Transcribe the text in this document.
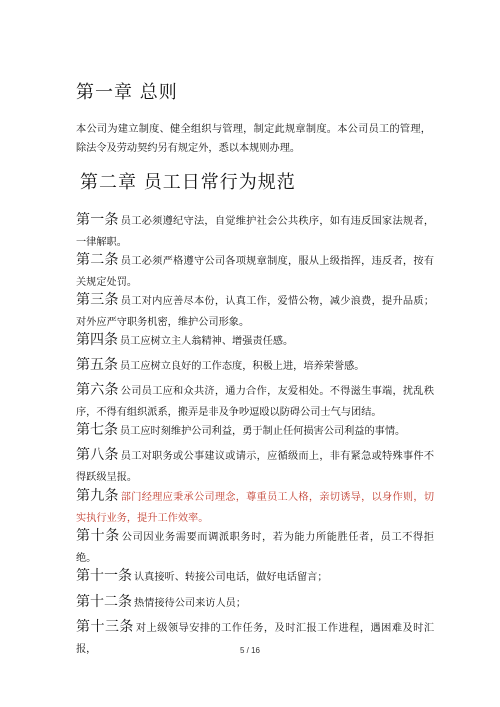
第一章 总则

本公司为建立制度、健全组织与管理，制定此规章制度。本公司员工的管理，除法令及劳动契约另有规定外，悉以本规则办理。

第二章 员工日常行为规范

第一条 员工必须遵纪守法，自觉维护社会公共秩序，如有违反国家法规者，一律解职。

第二条 员工必须严格遵守公司各项规章制度，服从上级指挥，违反者，按有关规定处罚。

第三条 员工对内应善尽本份，认真工作，爱惜公物，减少浪费，提升品质；对外应严守职务机密，维护公司形象。

第四条 员工应树立主人翁精神、增强责任感。

第五条 员工应树立良好的工作态度，积极上进，培养荣誉感。

第六条 公司员工应和众共济，通力合作，友爱相处。不得滋生事端，扰乱秩序，不得有组织派系，搬弄是非及争吵逗殴以防碍公司士气与团结。

第七条 员工应时刻维护公司利益，勇于制止任何损害公司利益的事情。

第八条 员工对职务或公事建议或请示，应循级而上，非有紧急或特殊事件不得跃级呈报。

第九条 部门经理应秉承公司理念，尊重员工人格，亲切诱导，以身作则，切实执行业务，提升工作效率。

第十条 公司因业务需要而调派职务时，若为能力所能胜任者，员工不得拒绝。

第十一条 认真接听、转接公司电话，做好电话留言；

第十二条 热情接待公司来访人员；

第十三条 对上级领导安排的工作任务，及时汇报工作进程，遇困难及时汇报，	5 / 16
